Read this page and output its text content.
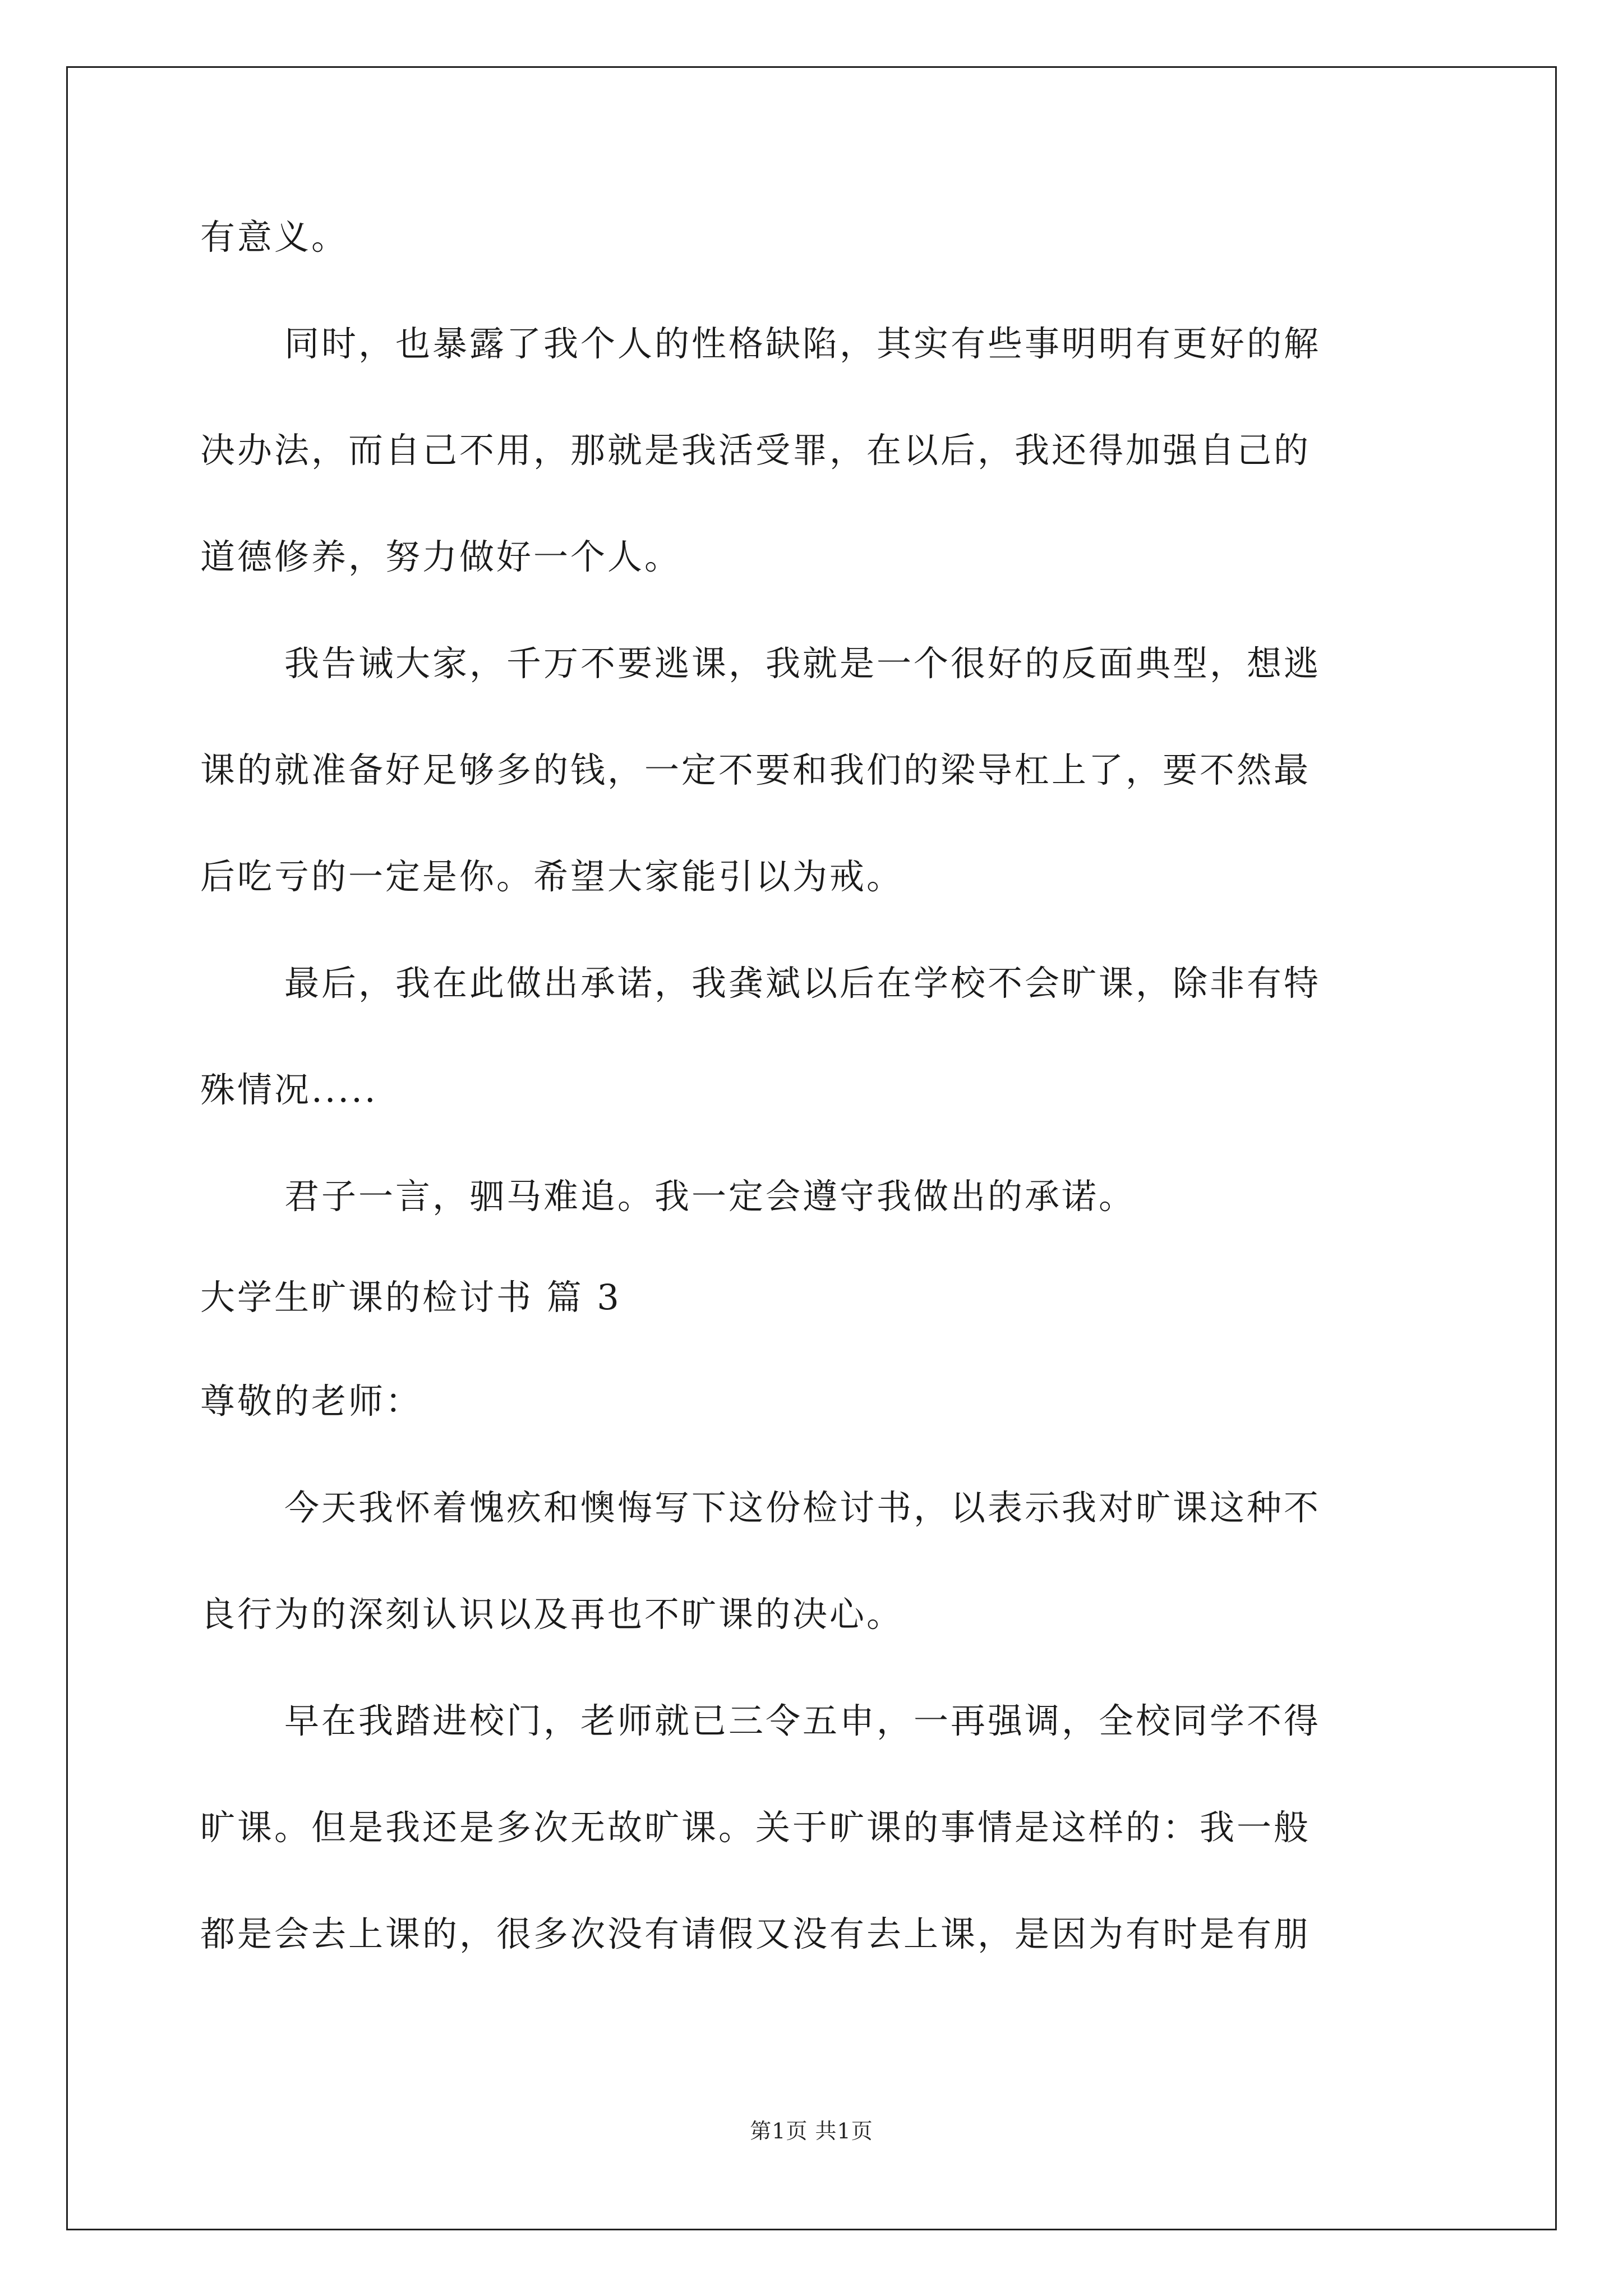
有意义。
同时，也暴露了我个人的性格缺陷，其实有些事明明有更好的解
决办法，而自己不用，那就是我活受罪，在以后，我还得加强自己的
道德修养，努力做好一个人。
我告诫大家，千万不要逃课，我就是一个很好的反面典型，想逃
课的就准备好足够多的钱，一定不要和我们的梁导杠上了，要不然最
后吃亏的一定是你。希望大家能引以为戒。
最后，我在此做出承诺，我龚斌以后在学校不会旷课，除非有特
殊情况.....
君子一言，驷马难追。我一定会遵守我做出的承诺。
大学生旷课的检讨书 篇 3
尊敬的老师：
今天我怀着愧疚和懊悔写下这份检讨书，以表示我对旷课这种不
良行为的深刻认识以及再也不旷课的决心。
早在我踏进校门，老师就已三令五申，一再强调，全校同学不得
旷课。但是我还是多次无故旷课。关于旷课的事情是这样的：我一般
都是会去上课的，很多次没有请假又没有去上课，是因为有时是有朋
第1页 共1页
